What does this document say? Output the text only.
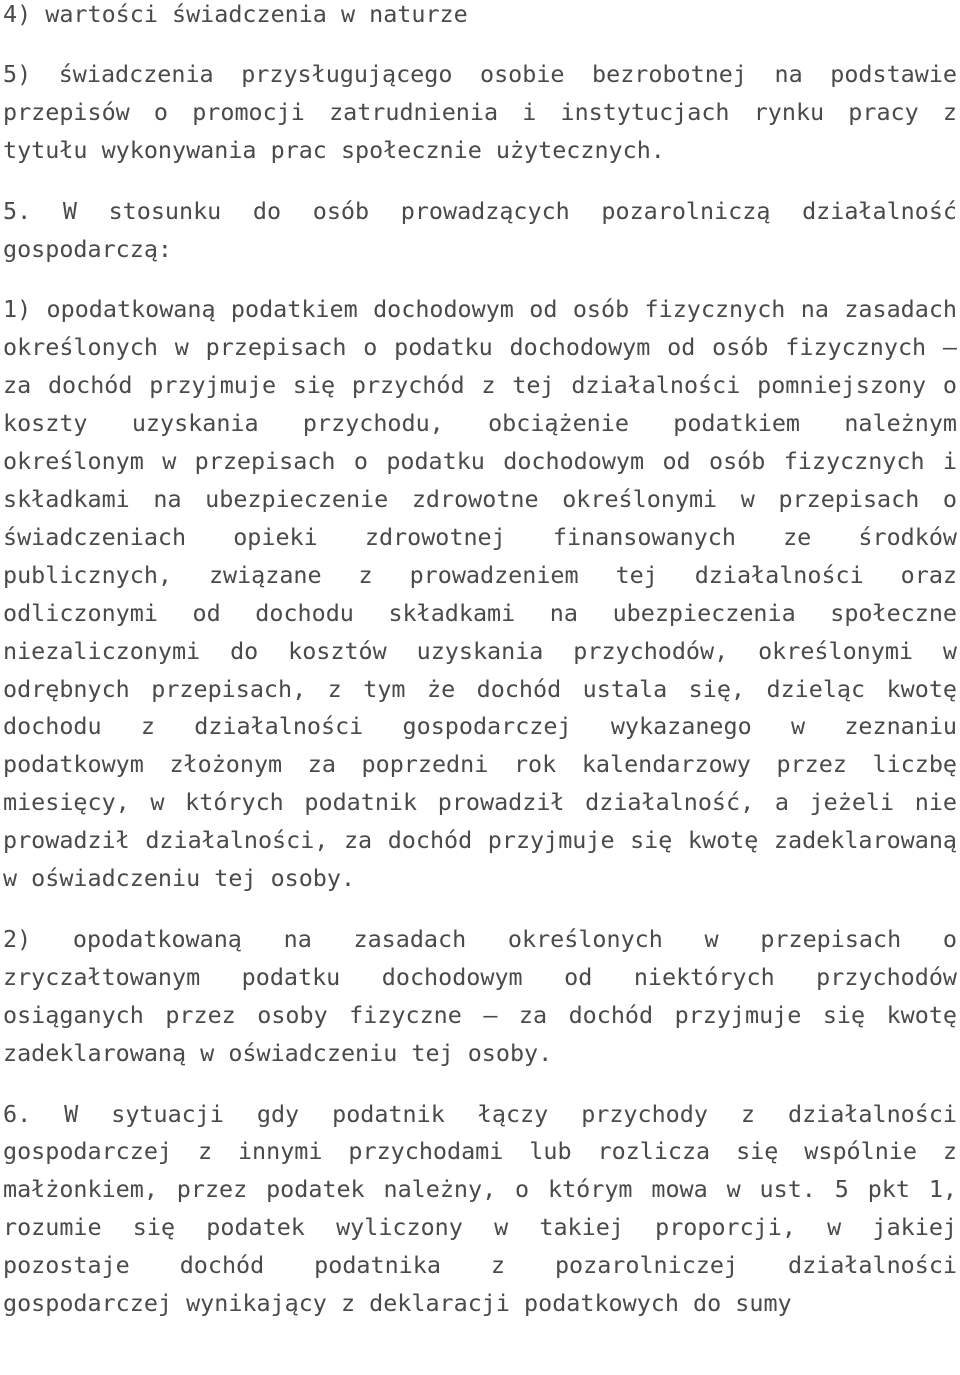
4) wartości świadczenia w naturze

5) świadczenia przysługującego osobie bezrobotnej na podstawie przepisów o promocji zatrudnienia i instytucjach rynku pracy z tytułu wykonywania prac społecznie użytecznych.

5. W stosunku do osób prowadzących pozarolniczą działalność gospodarczą:

1) opodatkowaną podatkiem dochodowym od osób fizycznych na zasadach określonych w przepisach o podatku dochodowym od osób fizycznych — za dochód przyjmuje się przychód z tej działalności pomniejszony o koszty uzyskania przychodu, obciążenie podatkiem należnym określonym w przepisach o podatku dochodowym od osób fizycznych i składkami na ubezpieczenie zdrowotne określonymi w przepisach o świadczeniach opieki zdrowotnej finansowanych ze środków publicznych, związane z prowadzeniem tej działalności oraz odliczonymi od dochodu składkami na ubezpieczenia społeczne niezaliczonymi do kosztów uzyskania przychodów, określonymi w odrębnych przepisach, z tym że dochód ustala się, dzieląc kwotę dochodu z działalności gospodarczej wykazanego w zeznaniu podatkowym złożonym za poprzedni rok kalendarzowy przez liczbę miesięcy, w których podatnik prowadził działalność, a jeżeli nie prowadził działalności, za dochód przyjmuje się kwotę zadeklarowaną w oświadczeniu tej osoby.

2) opodatkowaną na zasadach określonych w przepisach o zryczałtowanym podatku dochodowym od niektórych przychodów osiąganych przez osoby fizyczne — za dochód przyjmuje się kwotę zadeklarowaną w oświadczeniu tej osoby.

6. W sytuacji gdy podatnik łączy przychody z działalności gospodarczej z innymi przychodami lub rozlicza się wspólnie z małżonkiem, przez podatek należny, o którym mowa w ust. 5 pkt 1, rozumie się podatek wyliczony w takiej proporcji, w jakiej pozostaje dochód podatnika z pozarolniczej działalności gospodarczej wynikający z deklaracji podatkowych do sumy
